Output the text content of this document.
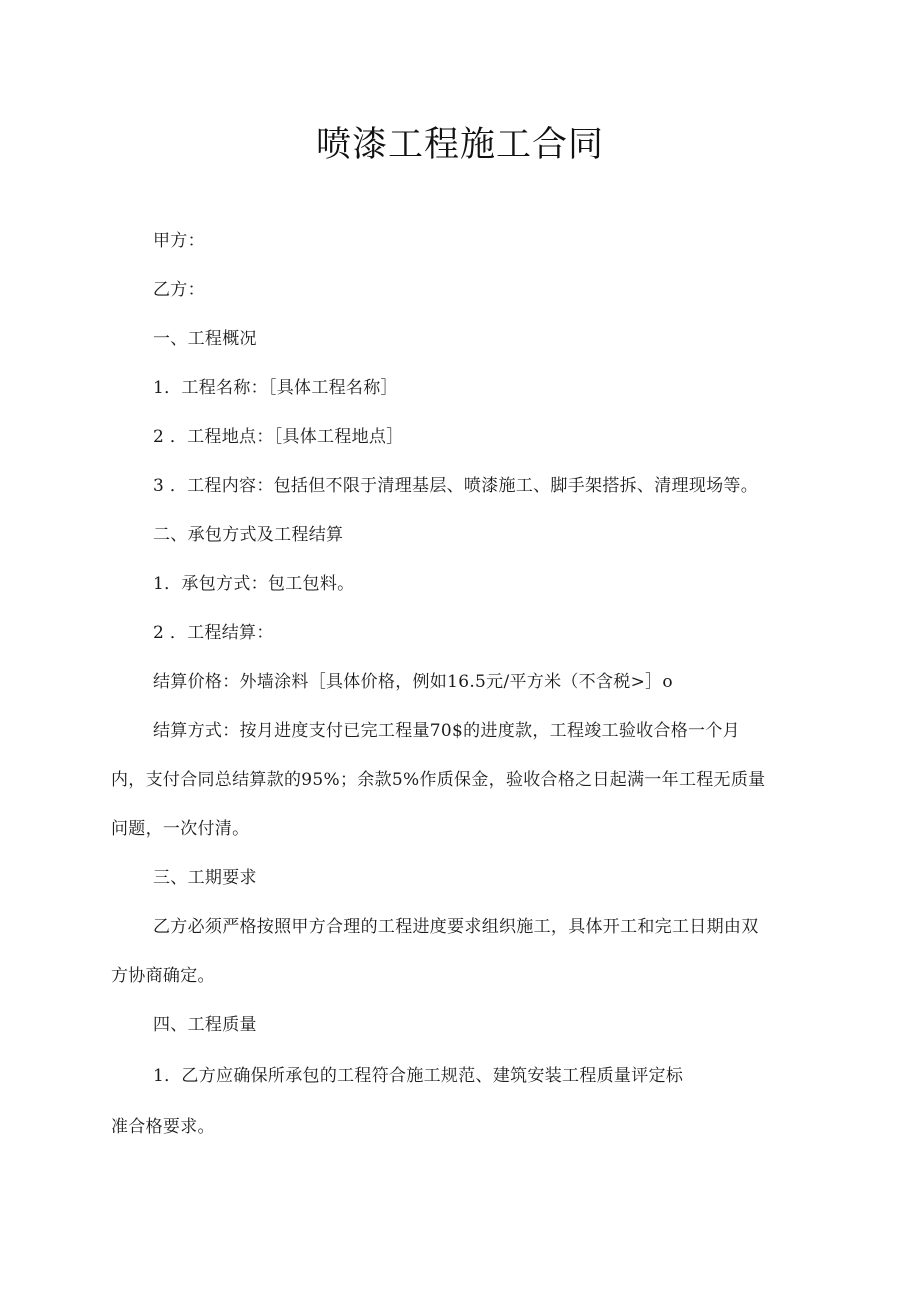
喷漆工程施工合同
甲方：
乙方：
一、工程概况
1．工程名称：［具体工程名称］
2 ．工程地点：［具体工程地点］
3 ．工程内容：包括但不限于清理基层、喷漆施工、脚手架搭拆、清理现场等。
二、承包方式及工程结算
1．承包方式：包工包料。
2 ．工程结算：
结算价格：外墙涂料［具体价格，例如16.5元/平方米（不含税>］o
结算方式：按月进度支付已完工程量70$的进度款，工程竣工验收合格一个月
内，支付合同总结算款的95%；余款5%作质保金，验收合格之日起满一年工程无质量
问题，一次付清。
三、工期要求
乙方必须严格按照甲方合理的工程进度要求组织施工，具体开工和完工日期由双
方协商确定。
四、工程质量
1．乙方应确保所承包的工程符合施工规范、建筑安装工程质量评定标
准合格要求。
